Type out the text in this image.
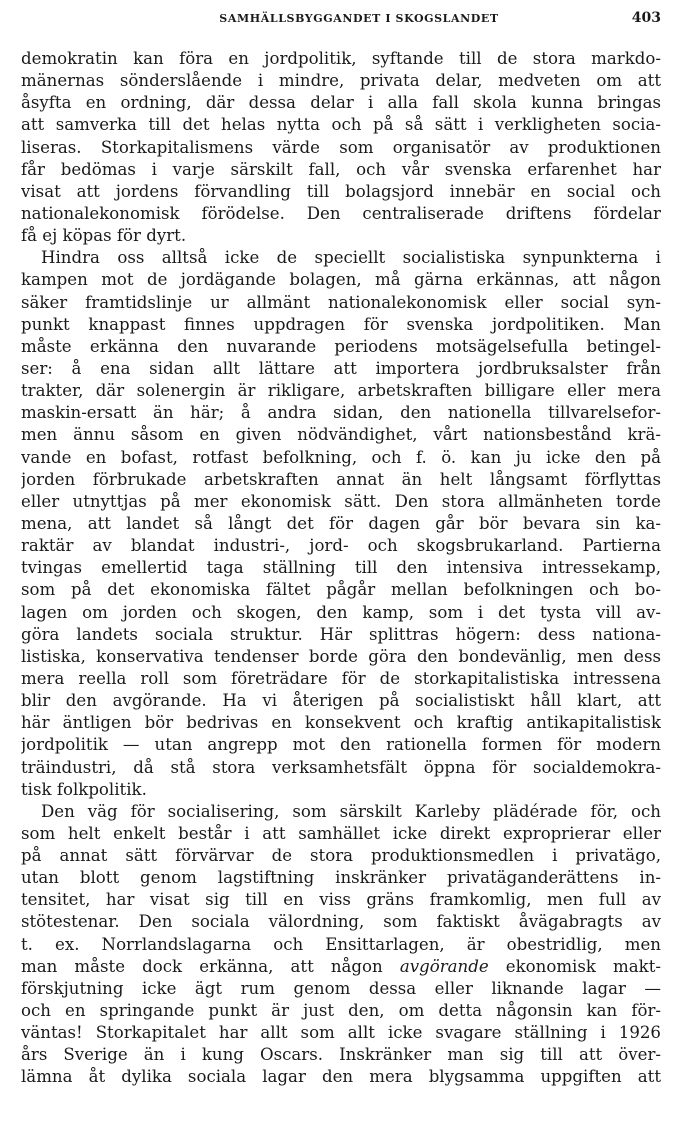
SAMHÄLLSBYGGANDET I SKOGSLANDET	403
demokratin kan föra en jordpolitik, syftande till de stora markdo-
mänernas sönderslående i mindre, privata delar, medveten om att
åsyfta en ordning, där dessa delar i alla fall skola kunna bringas
att samverka till det helas nytta och på så sätt i verkligheten socia-
liseras. Storkapitalismens värde som organisatör av produktionen
får bedömas i varje särskilt fall, och vår svenska erfarenhet har
visat att jordens förvandling till bolagsjord innebär en social och
nationalekonomisk förödelse. Den centraliserade driftens fördelar
få ej köpas för dyrt.
Hindra oss alltså icke de speciellt socialistiska synpunkterna i
kampen mot de jordägande bolagen, må gärna erkännas, att någon
säker framtidslinje ur allmänt nationalekonomisk eller social syn-
punkt knappast finnes uppdragen för svenska jordpolitiken. Man
måste erkänna den nuvarande periodens motsägelsefulla betingel-
ser: å ena sidan allt lättare att importera jordbruksalster från
trakter, där solenergin är rikligare, arbetskraften billigare eller mera
maskin-ersatt än här; å andra sidan, den nationella tillvarelsefor-
men ännu såsom en given nödvändighet, vårt nationsbestånd krä-
vande en bofast, rotfast befolkning, och f. ö. kan ju icke den på
jorden förbrukade arbetskraften annat än helt långsamt förflyttas
eller utnyttjas på mer ekonomisk sätt. Den stora allmänheten torde
mena, att landet så långt det för dagen går bör bevara sin ka-
raktär av blandat industri-, jord- och skogsbrukarland. Partierna
tvingas emellertid taga ställning till den intensiva intressekamp,
som på det ekonomiska fältet pågår mellan befolkningen och bo-
lagen om jorden och skogen, den kamp, som i det tysta vill av-
göra landets sociala struktur. Här splittras högern: dess nationa-
listiska, konservativa tendenser borde göra den bondevänlig, men dess
mera reella roll som företrädare för de storkapitalistiska intressena
blir den avgörande. Ha vi återigen på socialistiskt håll klart, att
här äntligen bör bedrivas en konsekvent och kraftig antikapitalistisk
jordpolitik — utan angrepp mot den rationella formen för modern
träindustri, då stå stora verksamhetsfält öppna för socialdemokra-
tisk folkpolitik.
Den väg för socialisering, som särskilt Karleby plädérade för, och
som helt enkelt består i att samhället icke direkt exproprierar eller
på annat sätt förvärvar de stora produktionsmedlen i privatägo,
utan blott genom lagstiftning inskränker privatäganderättens in-
tensitet, har visat sig till en viss gräns framkomlig, men full av
stötestenar. Den sociala välordning, som faktiskt åvägabragts av
t. ex. Norrlandslagarna och Ensittarlagen, är obestridlig, men
man måste dock erkänna, att någon avgörande ekonomisk makt-
förskjutning icke ägt rum genom dessa eller liknande lagar —
och en springande punkt är just den, om detta någonsin kan för-
väntas! Storkapitalet har allt som allt icke svagare ställning i 1926
års Sverige än i kung Oscars. Inskränker man sig till att över-
lämna åt dylika sociala lagar den mera blygsamma uppgiften att
